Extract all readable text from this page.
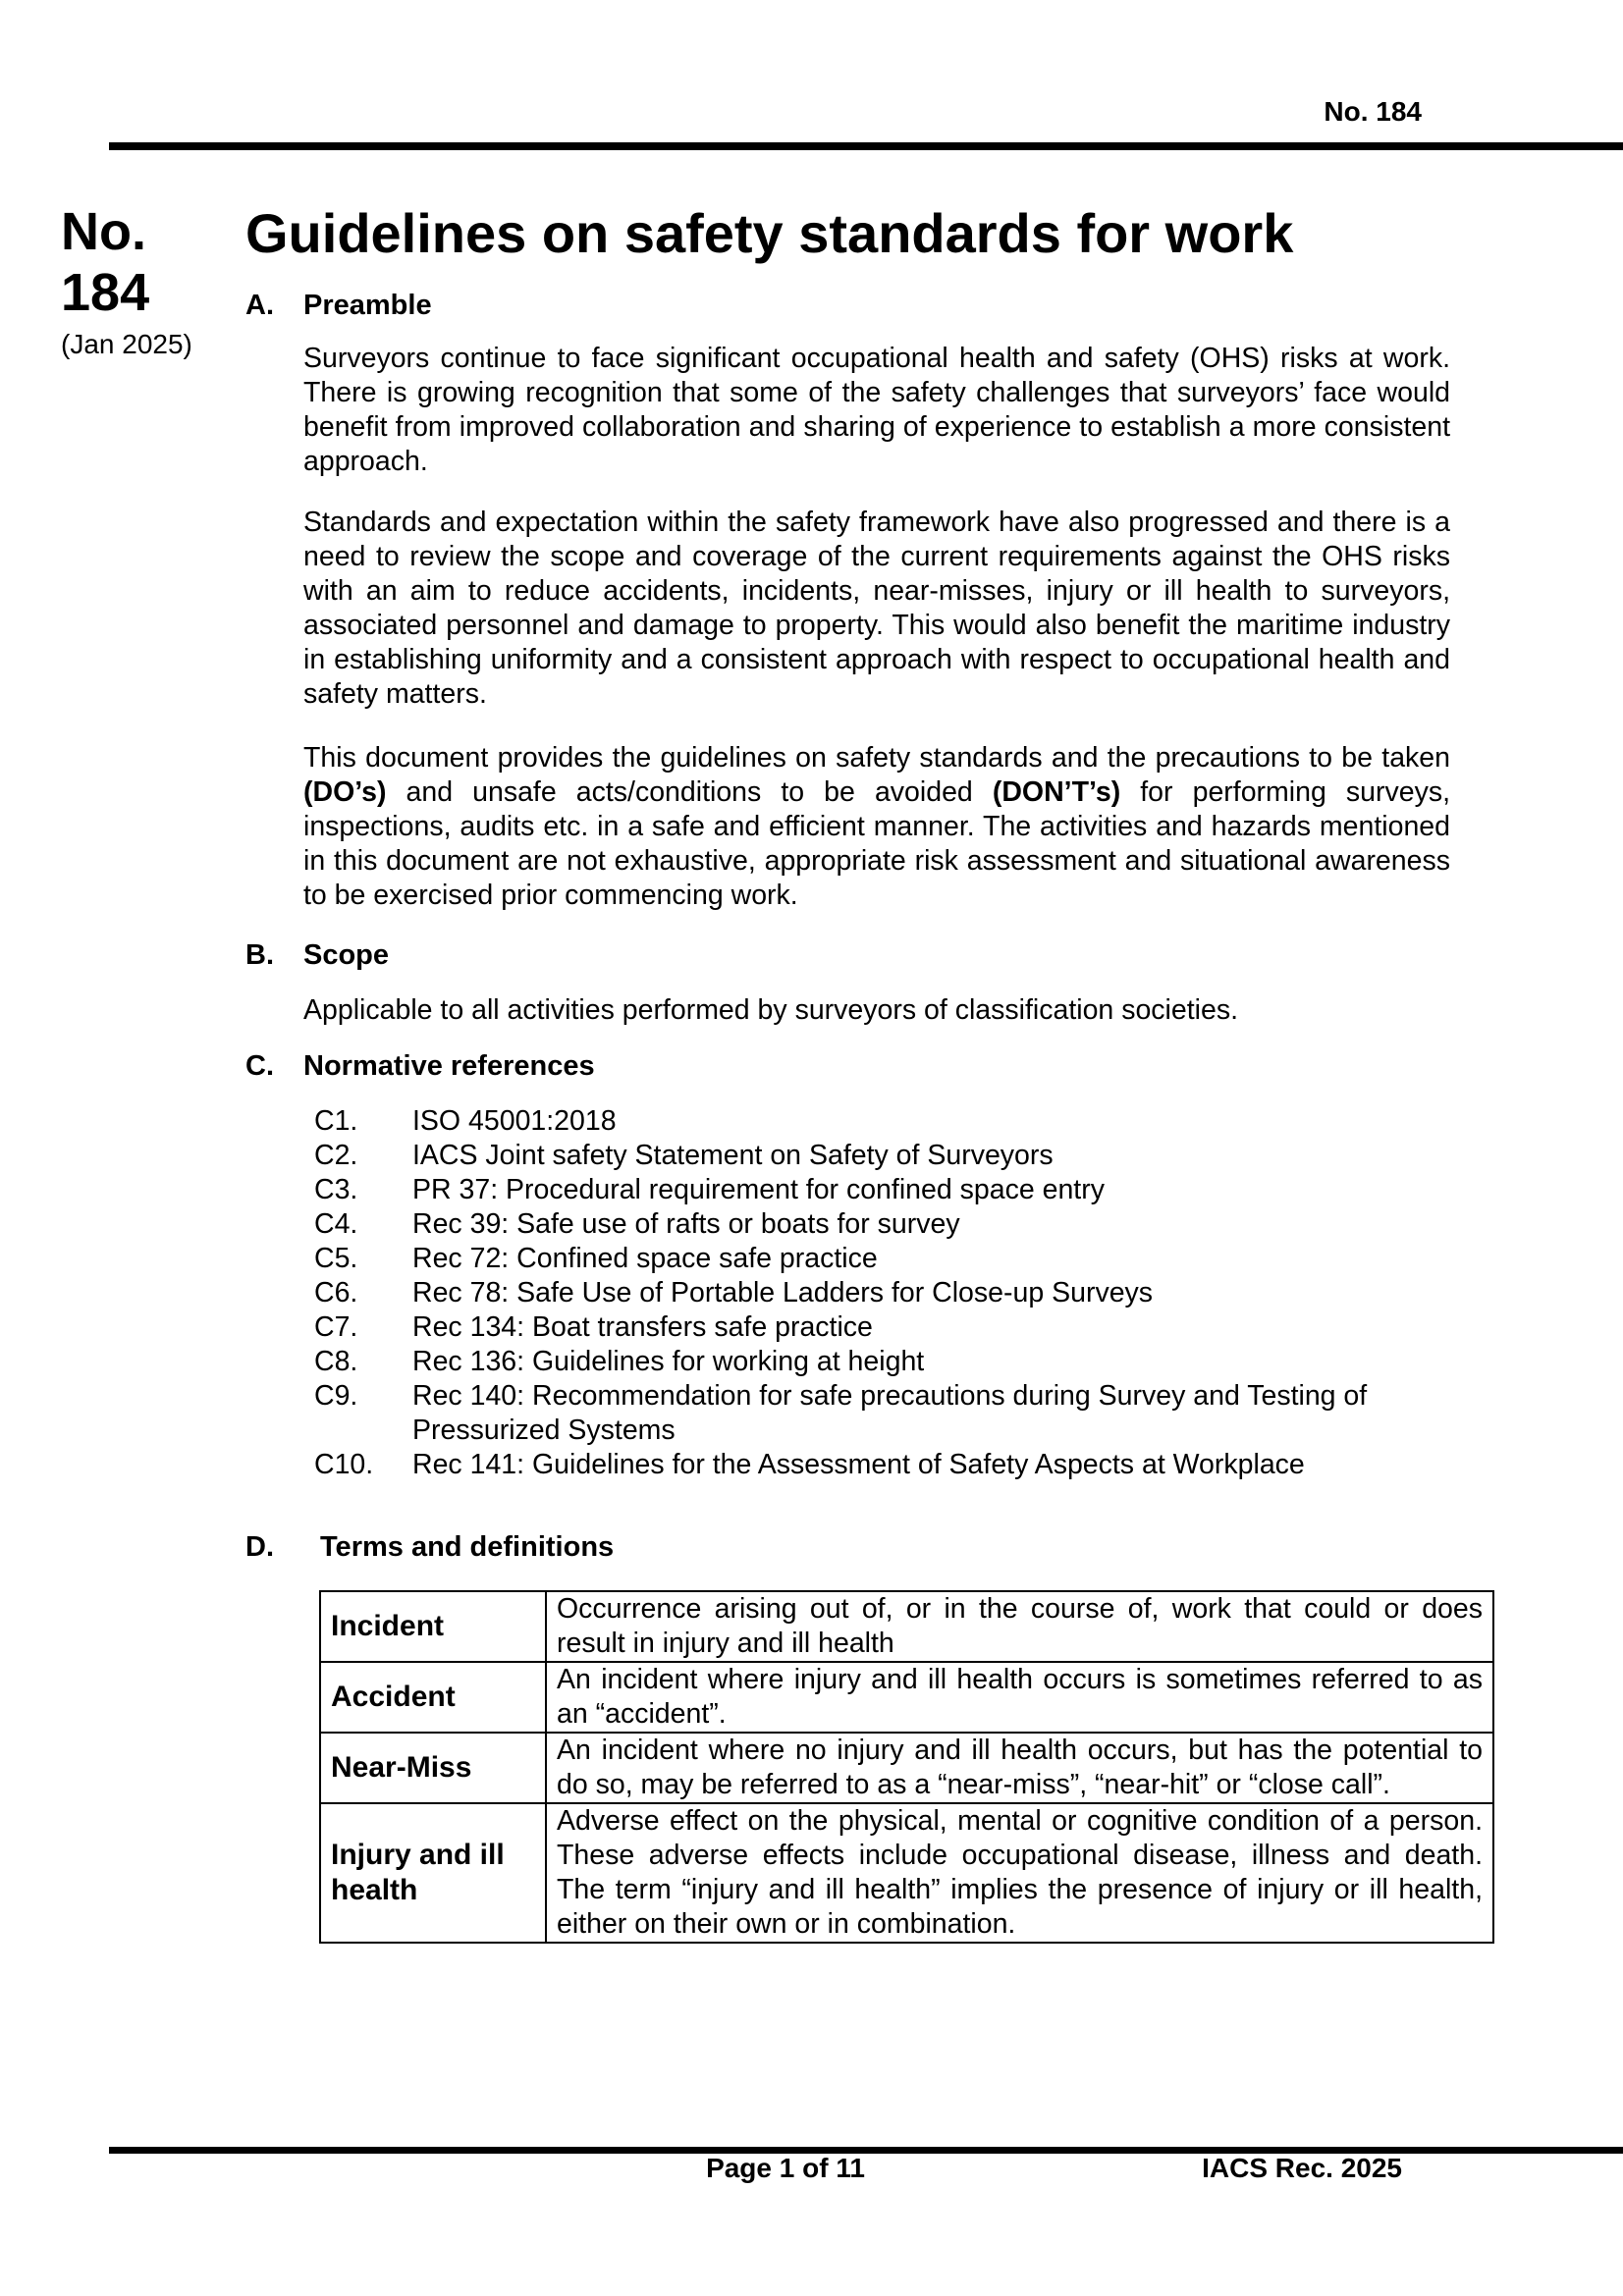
No. 184
No.
184
(Jan 2025)
Guidelines on safety standards for work
A. Preamble
Surveyors continue to face significant occupational health and safety (OHS) risks at work. There is growing recognition that some of the safety challenges that surveyors’ face would benefit from improved collaboration and sharing of experience to establish a more consistent approach.
Standards and expectation within the safety framework have also progressed and there is a need to review the scope and coverage of the current requirements against the OHS risks with an aim to reduce accidents, incidents, near-misses, injury or ill health to surveyors, associated personnel and damage to property. This would also benefit the maritime industry in establishing uniformity and a consistent approach with respect to occupational health and safety matters.
This document provides the guidelines on safety standards and the precautions to be taken (DO’s) and unsafe acts/conditions to be avoided (DON’T’s) for performing surveys, inspections, audits etc. in a safe and efficient manner. The activities and hazards mentioned in this document are not exhaustive, appropriate risk assessment and situational awareness to be exercised prior commencing work.
B. Scope
Applicable to all activities performed by surveyors of classification societies.
C. Normative references
C1.	ISO 45001:2018
C2.	IACS Joint safety Statement on Safety of Surveyors
C3.	PR 37: Procedural requirement for confined space entry
C4.	Rec 39: Safe use of rafts or boats for survey
C5.	Rec 72: Confined space safe practice
C6.	Rec 78: Safe Use of Portable Ladders for Close-up Surveys
C7.	Rec 134: Boat transfers safe practice
C8.	Rec 136: Guidelines for working at height
C9.	Rec 140: Recommendation for safe precautions during Survey and Testing of Pressurized Systems
C10.	Rec 141: Guidelines for the Assessment of Safety Aspects at Workplace
D. Terms and definitions
Incident	Occurrence arising out of, or in the course of, work that could or does result in injury and ill health
Accident	An incident where injury and ill health occurs is sometimes referred to as an “accident”.
Near-Miss	An incident where no injury and ill health occurs, but has the potential to do so, may be referred to as a “near-miss”, “near-hit” or “close call”.
Injury and ill health	Adverse effect on the physical, mental or cognitive condition of a person. These adverse effects include occupational disease, illness and death. The term “injury and ill health” implies the presence of injury or ill health, either on their own or in combination.
Page 1 of 11	IACS Rec. 2025
